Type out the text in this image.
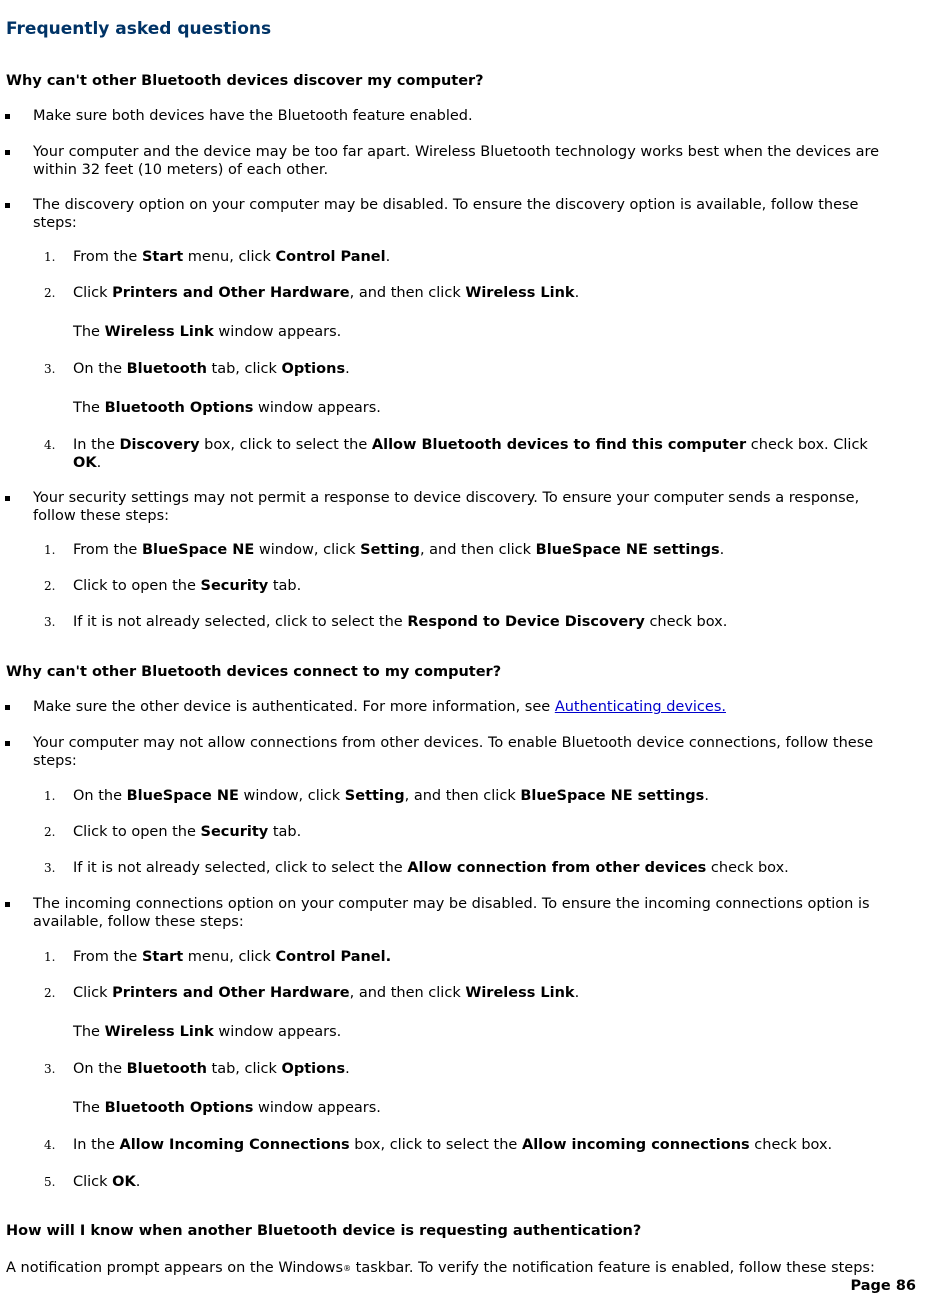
Frequently asked questions
Why can't other Bluetooth devices discover my computer?
Make sure both devices have the Bluetooth feature enabled.
Your computer and the device may be too far apart. Wireless Bluetooth technology works best when the devices are within 32 feet (10 meters) of each other.
The discovery option on your computer may be disabled. To ensure the discovery option is available, follow these steps:
1. From the Start menu, click Control Panel.
2. Click Printers and Other Hardware, and then click Wireless Link.
The Wireless Link window appears.
3. On the Bluetooth tab, click Options.
The Bluetooth Options window appears.
4. In the Discovery box, click to select the Allow Bluetooth devices to find this computer check box. Click OK.
Your security settings may not permit a response to device discovery. To ensure your computer sends a response, follow these steps:
1. From the BlueSpace NE window, click Setting, and then click BlueSpace NE settings.
2. Click to open the Security tab.
3. If it is not already selected, click to select the Respond to Device Discovery check box.
Why can't other Bluetooth devices connect to my computer?
Make sure the other device is authenticated. For more information, see Authenticating devices.
Your computer may not allow connections from other devices. To enable Bluetooth device connections, follow these steps:
1. On the BlueSpace NE window, click Setting, and then click BlueSpace NE settings.
2. Click to open the Security tab.
3. If it is not already selected, click to select the Allow connection from other devices check box.
The incoming connections option on your computer may be disabled. To ensure the incoming connections option is available, follow these steps:
1. From the Start menu, click Control Panel.
2. Click Printers and Other Hardware, and then click Wireless Link.
The Wireless Link window appears.
3. On the Bluetooth tab, click Options.
The Bluetooth Options window appears.
4. In the Allow Incoming Connections box, click to select the Allow incoming connections check box.
5. Click OK.
How will I know when another Bluetooth device is requesting authentication?
A notification prompt appears on the Windows® taskbar. To verify the notification feature is enabled, follow these steps:
Page 86
